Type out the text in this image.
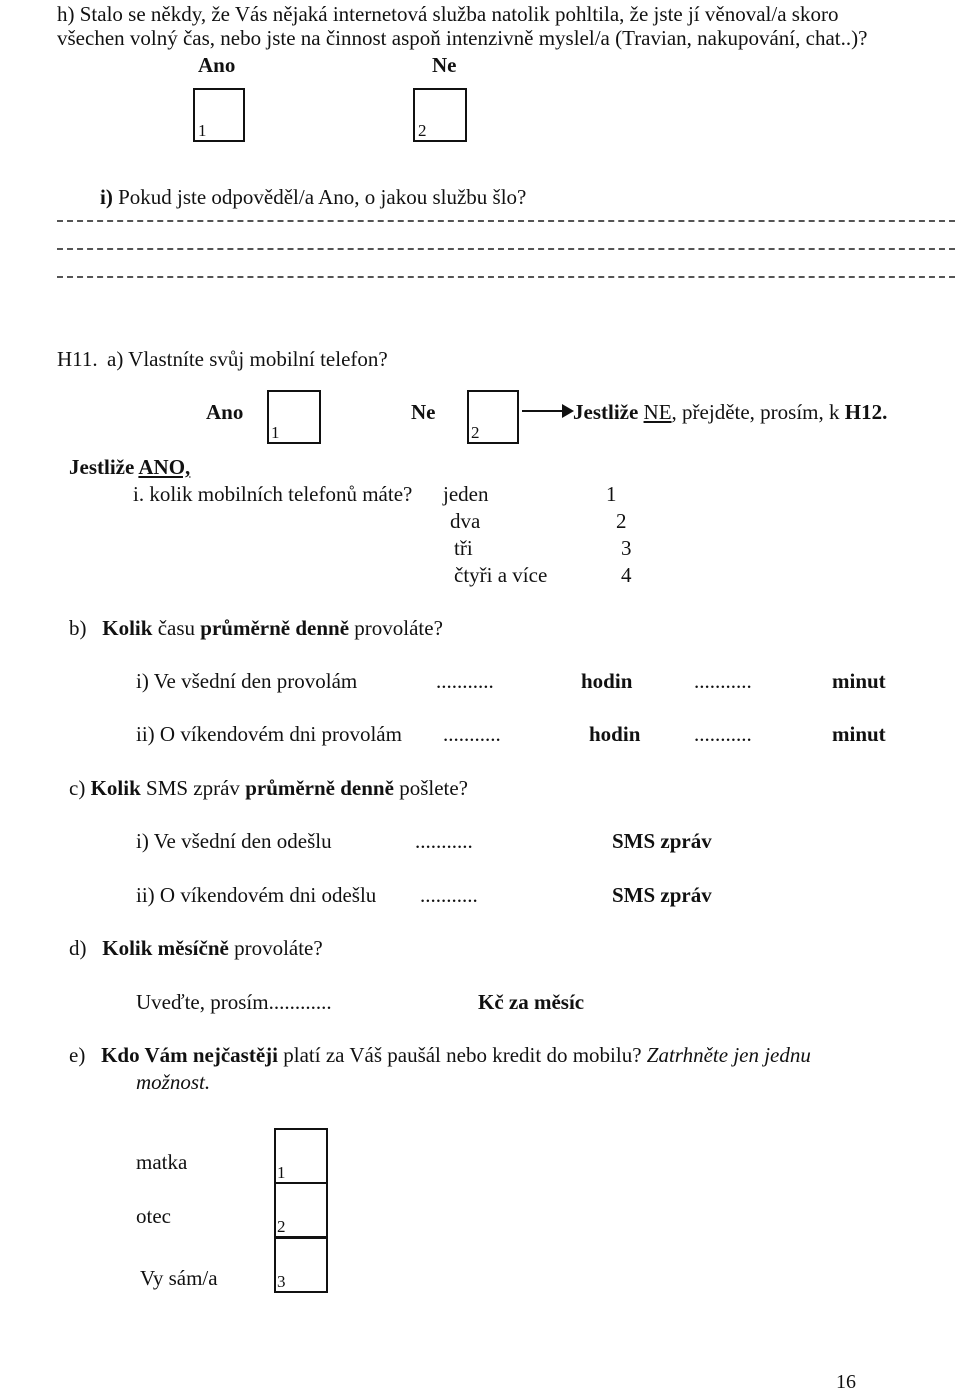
h) Stalo se někdy, že Vás nějaká internetová služba natolik pohltila, že jste jí věnoval/a skoro
všechen volný čas, nebo jste na činnost aspoň intenzivně myslel/a (Travian, nakupování, chat..)?
Ano	Ne
1	2
i) Pokud jste odpověděl/a Ano, o jakou službu šlo?
H11. a) Vlastníte svůj mobilní telefon?
Ano
1
Ne
2
Jestliže NE, přejděte, prosím, k H12.
Jestliže ANO,
i. kolik mobilních telefonů máte? jeden	1
dva	2
tři	3
čtyři a více	4
b) Kolik času průměrně denně provoláte?
i) Ve všední den provolám	...........	hodin	...........	minut
ii) O víkendovém dni provolám ...........	hodin	...........	minut
c) Kolik SMS zpráv průměrně denně pošlete?
i) Ve všední den odešlu	...........	SMS zpráv
ii) O víkendovém dni odešlu ...........	SMS zpráv
d) Kolik měsíčně provoláte?
Uveďte, prosím............	Kč za měsíc
e) Kdo Vám nejčastěji platí za Váš paušál nebo kredit do mobilu? Zatrhněte jen jednu
možnost.
matka	1
otec	2
Vy sám/a	3
16
